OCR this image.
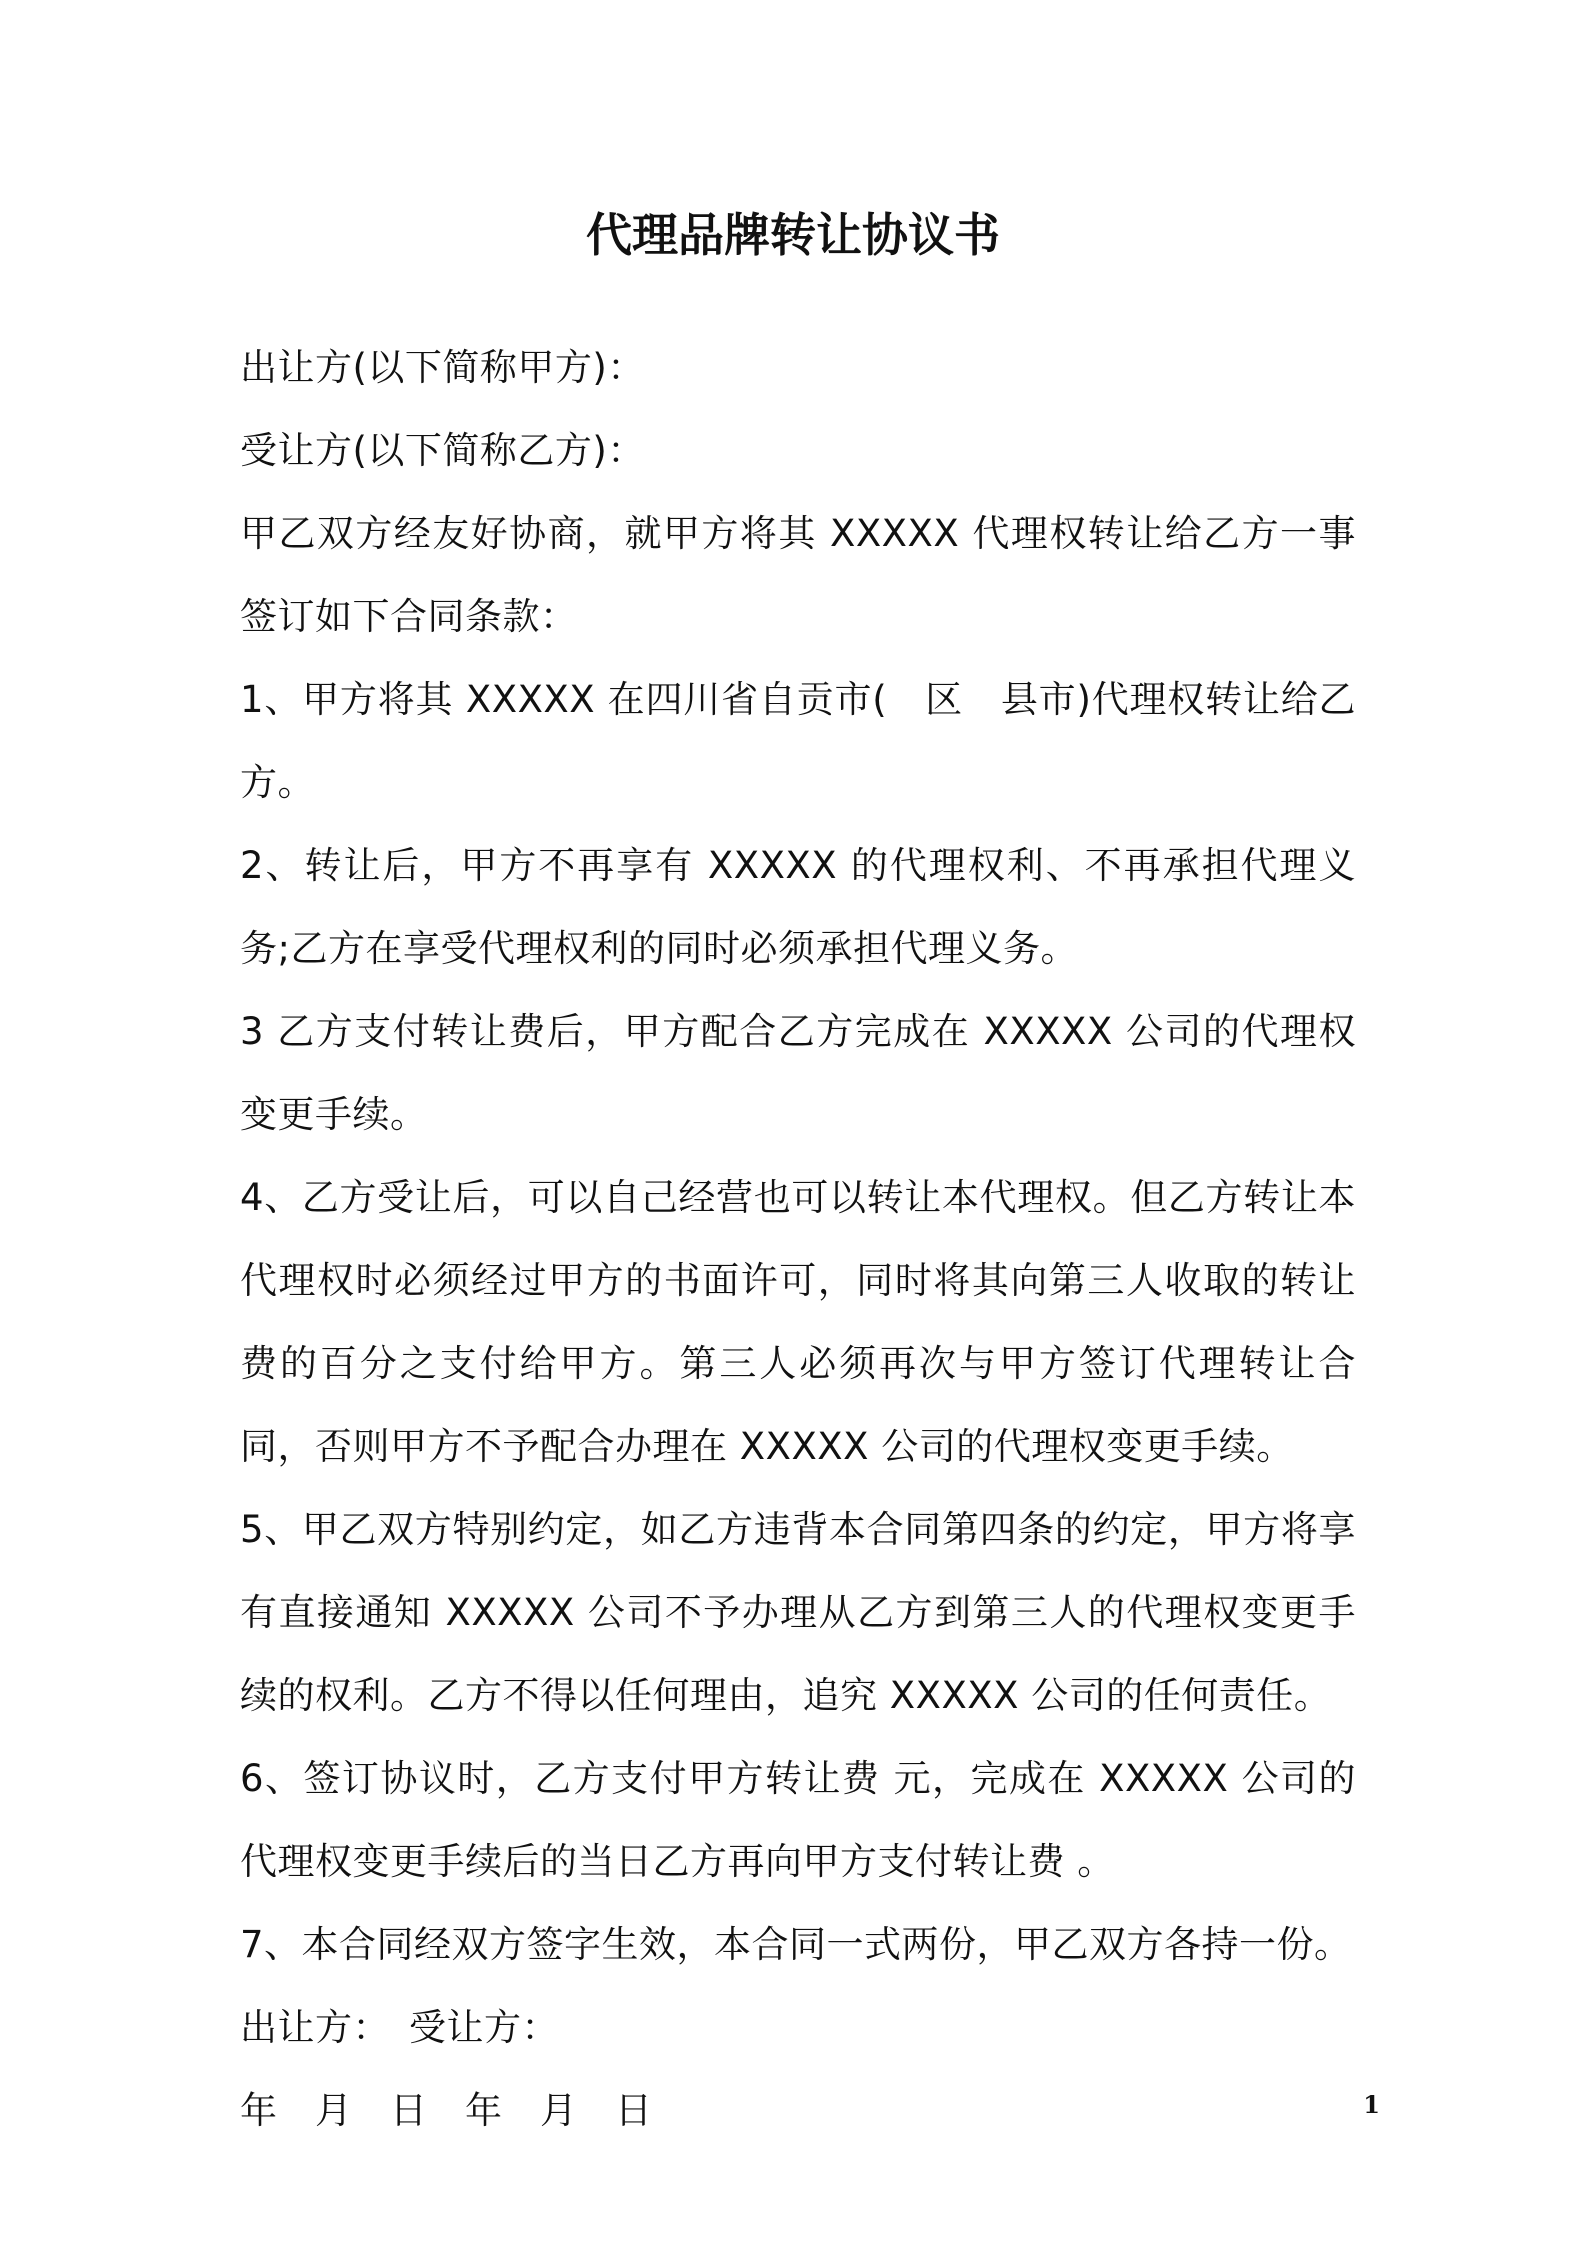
代理品牌转让协议书

出让方(以下简称甲方)：

受让方(以下简称乙方)：

甲乙双方经友好协商，就甲方将其 XXXXX 代理权转让给乙方一事签订如下合同条款：

1、甲方将其 XXXXX 在四川省自贡市(　区　县市)代理权转让给乙方。

2、转让后，甲方不再享有 XXXXX 的代理权利、不再承担代理义务;乙方在享受代理权利的同时必须承担代理义务。

3 乙方支付转让费后，甲方配合乙方完成在 XXXXX 公司的代理权变更手续。

4、乙方受让后，可以自己经营也可以转让本代理权。但乙方转让本代理权时必须经过甲方的书面许可，同时将其向第三人收取的转让费的百分之支付给甲方。第三人必须再次与甲方签订代理转让合同，否则甲方不予配合办理在 XXXXX 公司的代理权变更手续。

5、甲乙双方特别约定，如乙方违背本合同第四条的约定，甲方将享有直接通知 XXXXX 公司不予办理从乙方到第三人的代理权变更手续的权利。乙方不得以任何理由，追究 XXXXX 公司的任何责任。

6、签订协议时，乙方支付甲方转让费 元，完成在 XXXXX 公司的代理权变更手续后的当日乙方再向甲方支付转让费 。

7、本合同经双方签字生效，本合同一式两份，甲乙双方各持一份。

出让方：　受让方：

年　月　日　年　月　日	1
